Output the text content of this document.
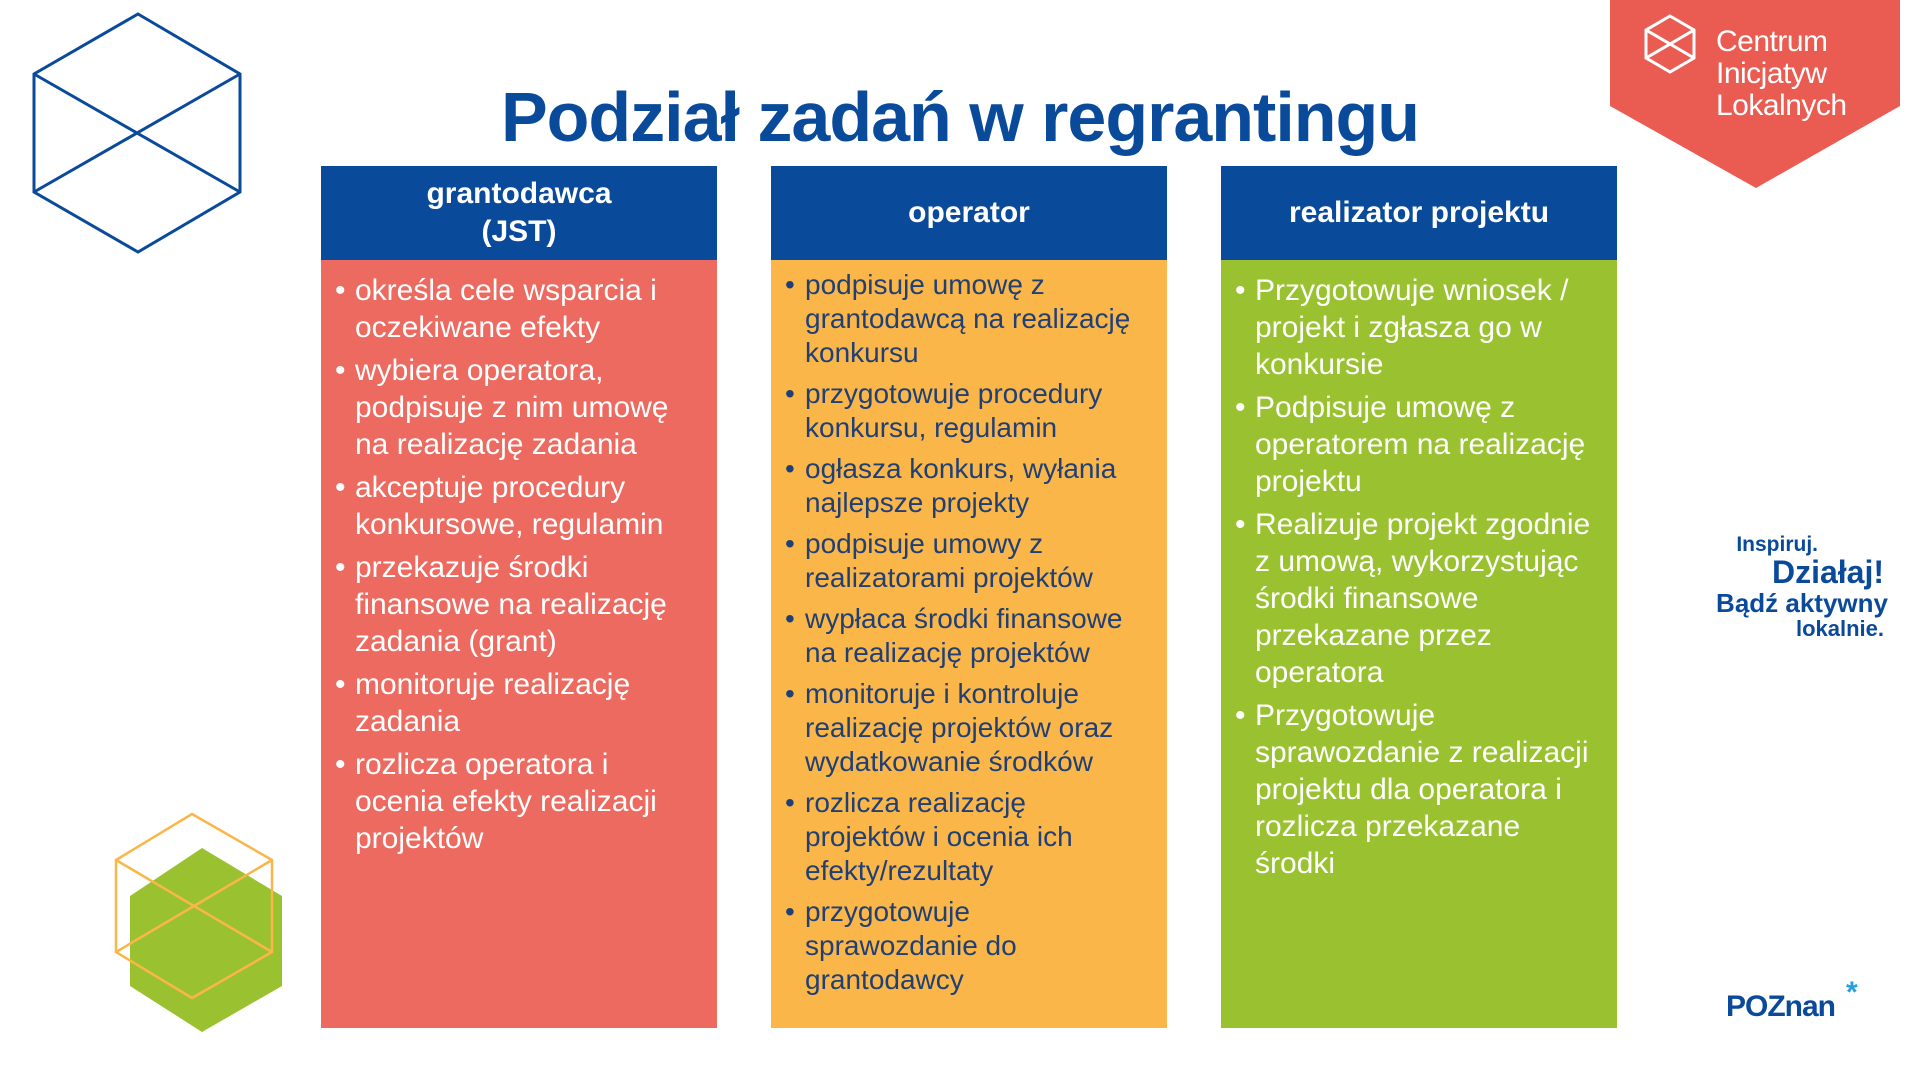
Podział zadań w regrantingu
Centrum
Inicjatyw
Lokalnych
grantodawca
(JST)
• określa cele wsparcia i oczekiwane efekty
• wybiera operatora, podpisuje z nim umowę na realizację zadania
• akceptuje procedury konkursowe, regulamin
• przekazuje środki finansowe na realizację zadania (grant)
• monitoruje realizację zadania
• rozlicza operatora i ocenia efekty realizacji projektów
operator
• podpisuje umowę z grantodawcą na realizację konkursu
• przygotowuje procedury konkursu, regulamin
• ogłasza konkurs, wyłania najlepsze projekty
• podpisuje umowy z realizatorami projektów
• wypłaca środki finansowe na realizację projektów
• monitoruje i kontroluje realizację projektów oraz wydatkowanie środków
• rozlicza realizację projektów i ocenia ich efekty/rezultaty
• przygotowuje sprawozdanie do grantodawcy
realizator projektu
• Przygotowuje wniosek / projekt i zgłasza go w konkursie
• Podpisuje umowę z operatorem na realizację projektu
• Realizuje projekt zgodnie z umową, wykorzystując środki finansowe przekazane przez operatora
• Przygotowuje sprawozdanie z realizacji projektu dla operatora i rozlicza przekazane środki
Inspiruj.
Działaj!
Bądź aktywny
lokalnie.
POZnan *
